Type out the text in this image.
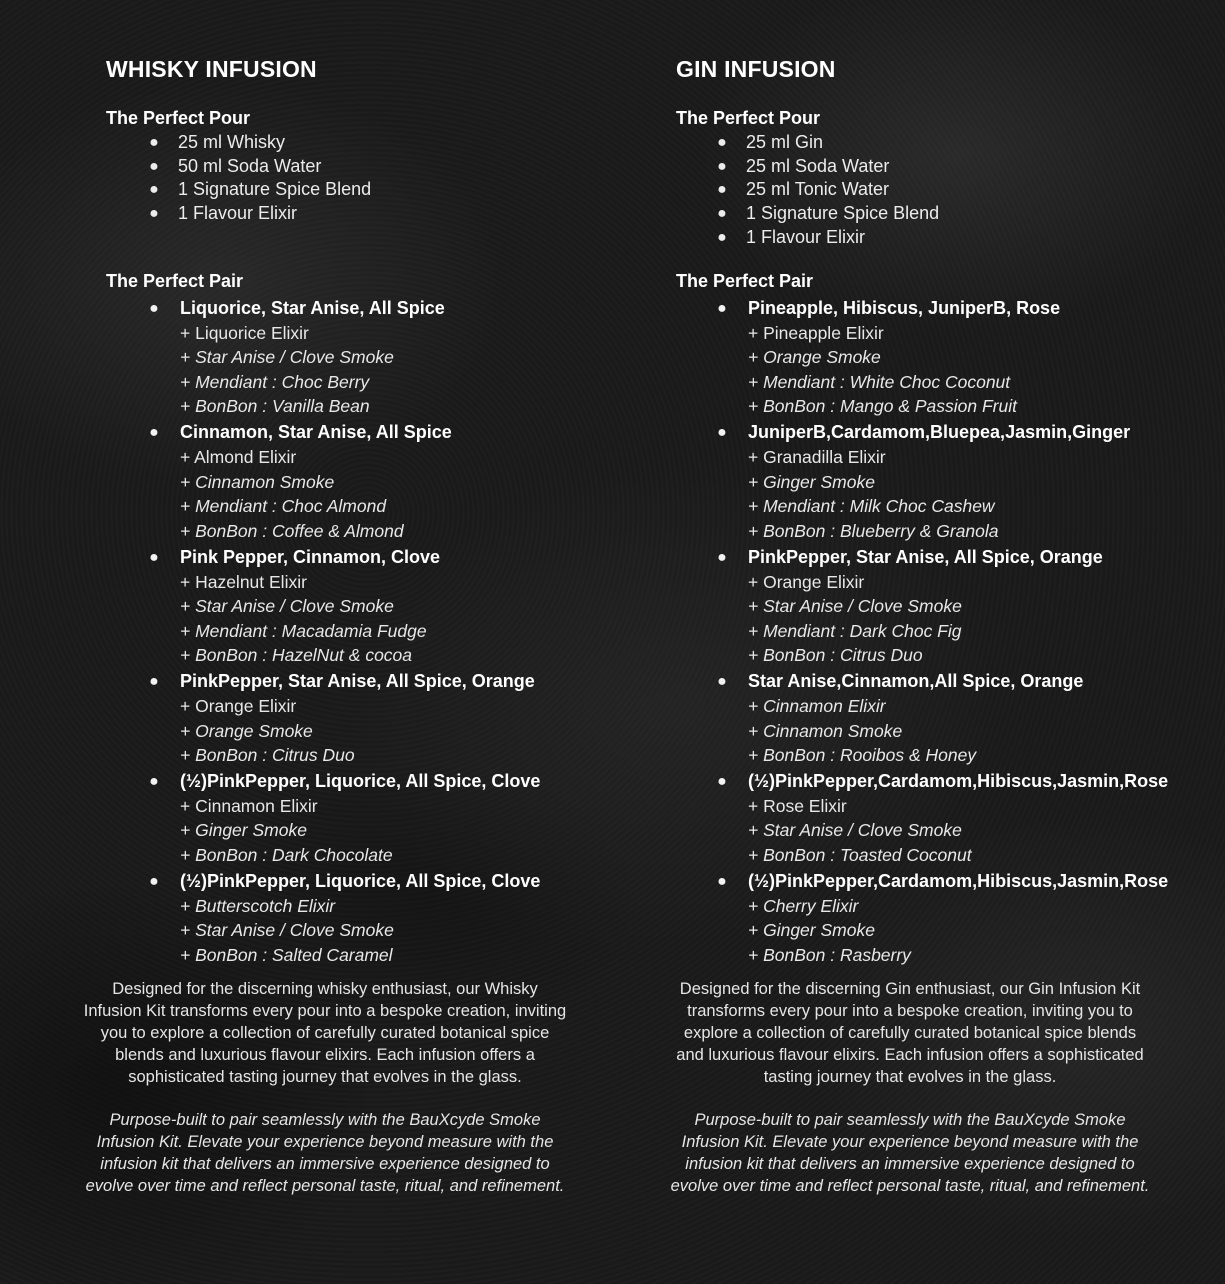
WHISKY INFUSION
The Perfect Pour
● 25 ml Whisky
● 50 ml Soda Water
● 1 Signature Spice Blend
● 1 Flavour Elixir
The Perfect Pair
● Liquorice, Star Anise, All Spice
+ Liquorice Elixir
+ Star Anise / Clove Smoke
+ Mendiant : Choc Berry
+ BonBon : Vanilla Bean
● Cinnamon, Star Anise, All Spice
+ Almond Elixir
+ Cinnamon Smoke
+ Mendiant : Choc Almond
+ BonBon : Coffee & Almond
● Pink Pepper, Cinnamon, Clove
+ Hazelnut Elixir
+ Star Anise / Clove Smoke
+ Mendiant : Macadamia Fudge
+ BonBon : HazelNut & cocoa
● PinkPepper, Star Anise, All Spice, Orange
+ Orange Elixir
+ Orange Smoke
+ BonBon : Citrus Duo
● (½)PinkPepper, Liquorice, All Spice, Clove
+ Cinnamon Elixir
+ Ginger Smoke
+ BonBon : Dark Chocolate
● (½)PinkPepper, Liquorice, All Spice, Clove
+ Butterscotch Elixir
+ Star Anise / Clove Smoke
+ BonBon : Salted Caramel

Designed for the discerning whisky enthusiast, our Whisky Infusion Kit transforms every pour into a bespoke creation, inviting you to explore a collection of carefully curated botanical spice blends and luxurious flavour elixirs. Each infusion offers a sophisticated tasting journey that evolves in the glass.

Purpose-built to pair seamlessly with the BauXcyde Smoke Infusion Kit. Elevate your experience beyond measure with the infusion kit that delivers an immersive experience designed to evolve over time and reflect personal taste, ritual, and refinement.

GIN INFUSION
The Perfect Pour
● 25 ml Gin
● 25 ml Soda Water
● 25 ml Tonic Water
● 1 Signature Spice Blend
● 1 Flavour Elixir
The Perfect Pair
● Pineapple, Hibiscus, JuniperB, Rose
+ Pineapple Elixir
+ Orange Smoke
+ Mendiant : White Choc Coconut
+ BonBon : Mango & Passion Fruit
● JuniperB,Cardamom,Bluepea,Jasmin,Ginger
+ Granadilla Elixir
+ Ginger Smoke
+ Mendiant : Milk Choc Cashew
+ BonBon : Blueberry & Granola
● PinkPepper, Star Anise, All Spice, Orange
+ Orange Elixir
+ Star Anise / Clove Smoke
+ Mendiant : Dark Choc Fig
+ BonBon : Citrus Duo
● Star Anise,Cinnamon,All Spice, Orange
+ Cinnamon Elixir
+ Cinnamon Smoke
+ BonBon : Rooibos & Honey
● (½)PinkPepper,Cardamom,Hibiscus,Jasmin,Rose
+ Rose Elixir
+ Star Anise / Clove Smoke
+ BonBon : Toasted Coconut
● (½)PinkPepper,Cardamom,Hibiscus,Jasmin,Rose
+ Cherry Elixir
+ Ginger Smoke
+ BonBon : Rasberry

Designed for the discerning Gin enthusiast, our Gin Infusion Kit transforms every pour into a bespoke creation, inviting you to explore a collection of carefully curated botanical spice blends and luxurious flavour elixirs. Each infusion offers a sophisticated tasting journey that evolves in the glass.

Purpose-built to pair seamlessly with the BauXcyde Smoke Infusion Kit. Elevate your experience beyond measure with the infusion kit that delivers an immersive experience designed to evolve over time and reflect personal taste, ritual, and refinement.
